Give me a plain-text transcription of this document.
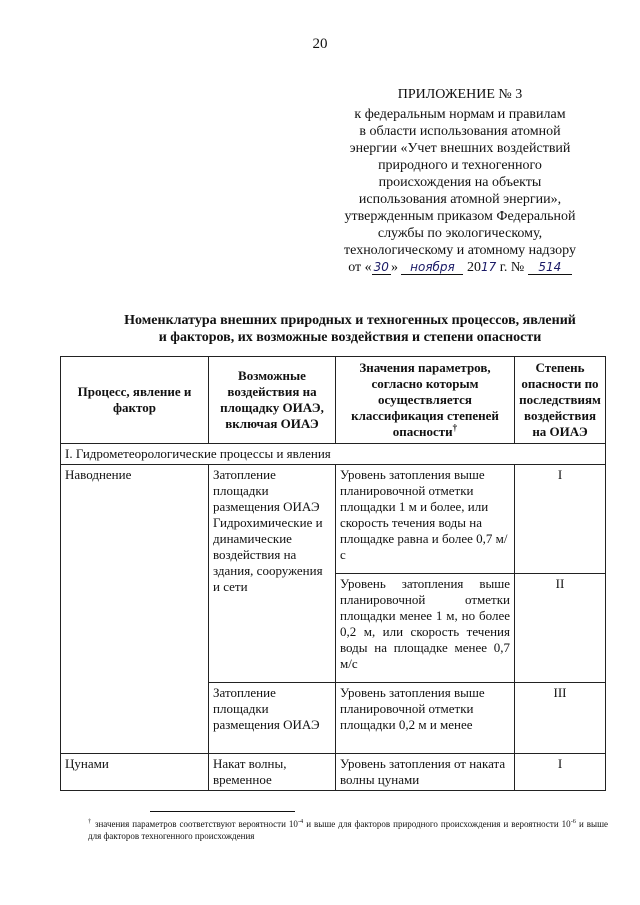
20
ПРИЛОЖЕНИЕ № 3
к федеральным нормам и правилам
в области использования атомной
энергии «Учет внешних воздействий
природного и техногенного
происхождения на объекты
использования атомной энергии»,
утвержденным приказом Федеральной
службы по экологическому,
технологическому и атомному надзору
от « 30 » ноября 2017 г. № 514
Номенклатура внешних природных и техногенных процессов, явлений
и факторов, их возможные воздействия и степени опасности
Процесс, явление и фактор	Возможные воздействия на площадку ОИАЭ, включая ОИАЭ	Значения параметров, согласно которым осуществляется классификация степеней опасности†	Степень опасности по последствиям воздействия на ОИАЭ
I. Гидрометеорологические процессы и явления			
Наводнение	Затопление площадки размещения ОИАЭ Гидрохимические и динамические воздействия на здания, сооружения и сети	Уровень затопления выше планировочной отметки площадки 1 м и более, или скорость течения воды на площадке равна и более 0,7 м/с	I
		Уровень затопления выше планировочной отметки площадки менее 1 м, но более 0,2 м, или скорость течения воды на площадке менее 0,7 м/с	II
	Затопление площадки размещения ОИАЭ	Уровень затопления выше планировочной отметки площадки 0,2 м и менее	III
Цунами	Накат волны, временное	Уровень затопления от наката волны цунами	I
† значения параметров соответствуют вероятности $10^{-4}$ и выше для факторов природного происхождения и вероятности $10^{-6}$ и выше для факторов техногенного происхождения
